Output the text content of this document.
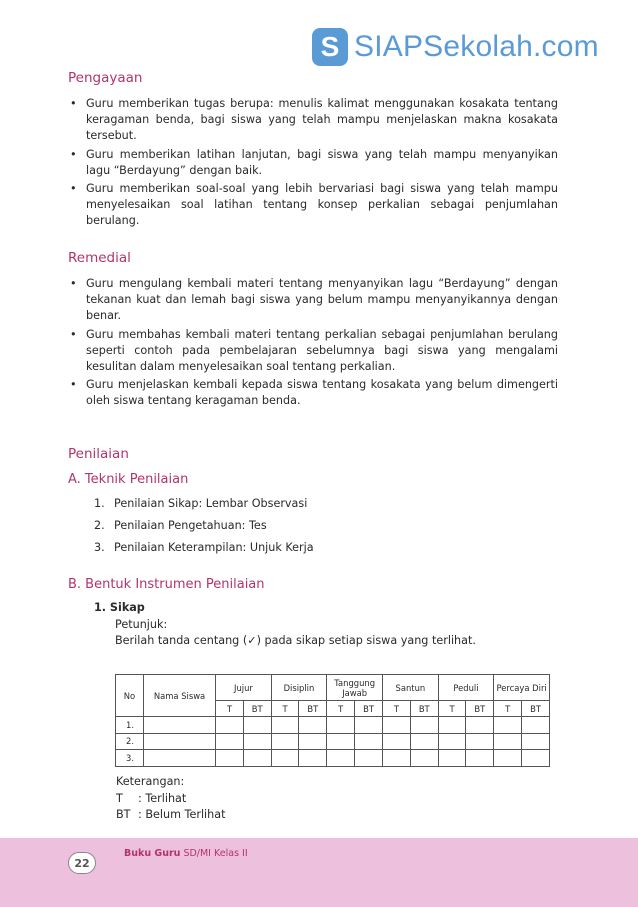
S SIAPSekolah.com
Pengayaan
• Guru memberikan tugas berupa: menulis kalimat menggunakan kosakata tentang keragaman benda, bagi siswa yang telah mampu menjelaskan makna kosakata tersebut.
• Guru memberikan latihan lanjutan, bagi siswa yang telah mampu menyanyikan lagu “Berdayung” dengan baik.
• Guru memberikan soal-soal yang lebih bervariasi bagi siswa yang telah mampu menyelesaikan soal latihan tentang konsep perkalian sebagai penjumlahan berulang.
Remedial
• Guru mengulang kembali materi tentang menyanyikan lagu “Berdayung” dengan tekanan kuat dan lemah bagi siswa yang belum mampu menyanyikannya dengan benar.
• Guru membahas kembali materi tentang perkalian sebagai penjumlahan berulang seperti contoh pada pembelajaran sebelumnya bagi siswa yang mengalami kesulitan dalam menyelesaikan soal tentang perkalian.
• Guru menjelaskan kembali kepada siswa tentang kosakata yang belum dimengerti oleh siswa tentang keragaman benda.
Penilaian
A. Teknik Penilaian
1. Penilaian Sikap: Lembar Observasi
2. Penilaian Pengetahuan: Tes
3. Penilaian Keterampilan: Unjuk Kerja
B. Bentuk Instrumen Penilaian
1. Sikap
Petunjuk:
Berilah tanda centang (✓) pada sikap setiap siswa yang terlihat.
No	Nama Siswa	Jujur		Disiplin		Tanggung Jawab		Santun		Peduli		Percaya Diri	
		T	BT	T	BT	T	BT	T	BT	T	BT	T	BT
1.													
2.													
3.													
Keterangan:
T : Terlihat
BT : Belum Terlihat
22
Buku Guru SD/MI Kelas II
